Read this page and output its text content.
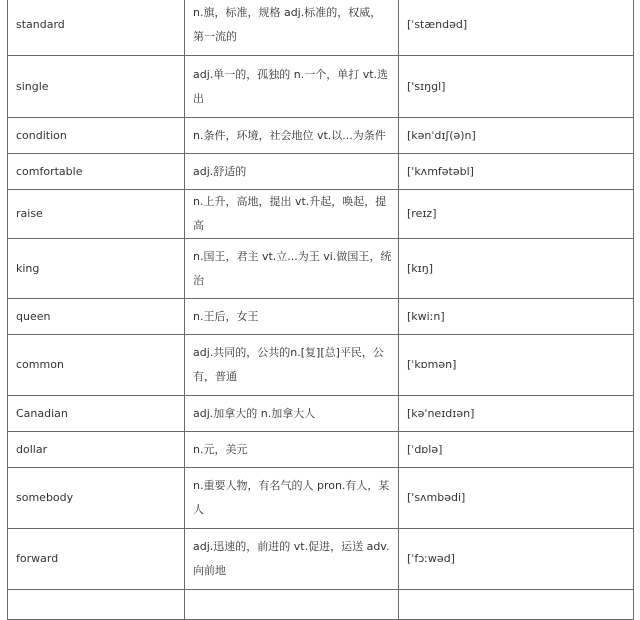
standard	n.旗，标准，规格 adj.标准的，权威，第一流的	[ˈstændəd]
single	adj.单一的，孤独的 n.一个，单打 vt.选出	['sɪŋgl]
condition	n.条件，环境，社会地位 vt.以...为条件	[kənˈdɪʃ(ə)n]
comfortable	adj.舒适的	['kʌmfətəbl]
raise	n.上升，高地，提出 vt.升起，唤起，提高	[reɪz]
king	n.国王，君主 vt.立...为王 vi.做国王，统治	[kɪŋ]
queen	n.王后，女王	[kwiːn]
common	adj.共同的，公共的n.[复][总]平民，公有，普通	[ˈkɒmən]
Canadian	adj.加拿大的 n.加拿大人	[kə'neɪdɪən]
dollar	n.元，美元	[ˈdɒlə]
somebody	n.重要人物，有名气的人 pron.有人，某人	['sʌmbədi]
forward	adj.迅速的，前进的 vt.促进，运送 adv.向前地	[ˈfɔːwəd]
